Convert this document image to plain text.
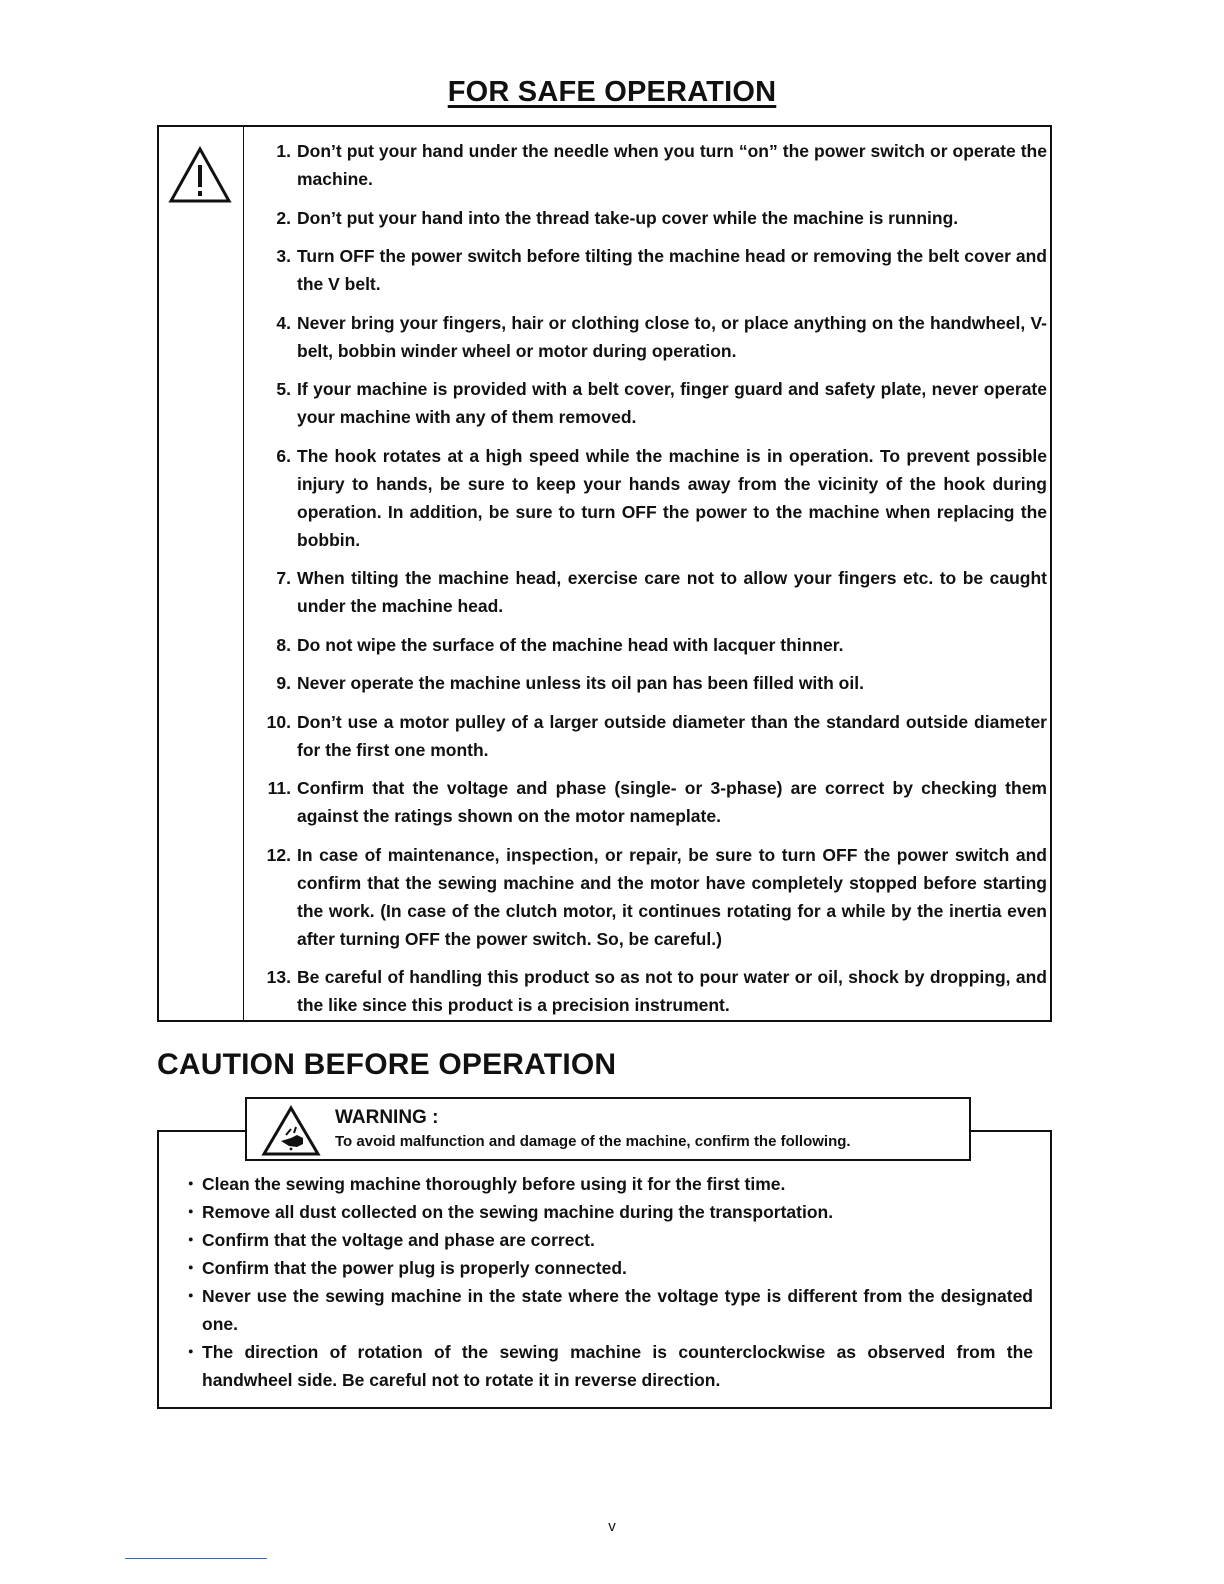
FOR SAFE OPERATION
1. Don’t put your hand under the needle when you turn “on” the power switch or operate the machine.
2. Don’t put your hand into the thread take-up cover while the machine is running.
3. Turn OFF the power switch before tilting the machine head or removing the belt cover and the V belt.
4. Never bring your fingers, hair or clothing close to, or place anything on the handwheel, V-belt, bobbin winder wheel or motor during operation.
5. If your machine is provided with a belt cover, finger guard and safety plate, never operate your machine with any of them removed.
6. The hook rotates at a high speed while the machine is in operation. To prevent possible injury to hands, be sure to keep your hands away from the vicinity of the hook during operation. In addition, be sure to turn OFF the power to the machine when replacing the bobbin.
7. When tilting the machine head, exercise care not to allow your fingers etc. to be caught under the machine head.
8. Do not wipe the surface of the machine head with lacquer thinner.
9. Never operate the machine unless its oil pan has been filled with oil.
10. Don’t use a motor pulley of a larger outside diameter than the standard outside diameter for the first one month.
11. Confirm that the voltage and phase (single- or 3-phase) are correct by checking them against the ratings shown on the motor nameplate.
12. In case of maintenance, inspection, or repair, be sure to turn OFF the power switch and confirm that the sewing machine and the motor have completely stopped before starting the work. (In case of the clutch motor, it continues rotating for a while by the inertia even after turning OFF the power switch. So, be careful.)
13. Be careful of handling this product so as not to pour water or oil, shock by dropping, and the like since this product is a precision instrument.
CAUTION BEFORE OPERATION
WARNING :
To avoid malfunction and damage of the machine, confirm the following.
・ Clean the sewing machine thoroughly before using it for the first time.
・ Remove all dust collected on the sewing machine during the transportation.
・ Confirm that the voltage and phase are correct.
・ Confirm that the power plug is properly connected.
・ Never use the sewing machine in the state where the voltage type is different from the designated one.
・ The direction of rotation of the sewing machine is counterclockwise as observed from the handwheel side. Be careful not to rotate it in reverse direction.
v
